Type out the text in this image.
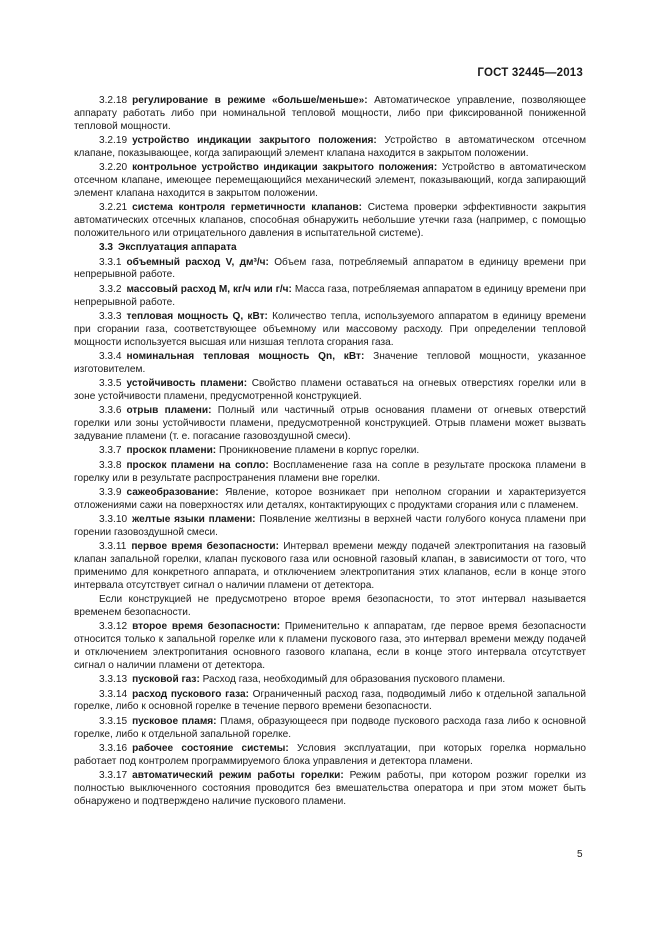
ГОСТ 32445—2013

3.2.18 регулирование в режиме «больше/меньше»: Автоматическое управление, позволяющее аппарату работать либо при номинальной тепловой мощности, либо при фиксированной пониженной тепловой мощности.

3.2.19 устройство индикации закрытого положения: Устройство в автоматическом отсечном клапане, показывающее, когда запирающий элемент клапана находится в закрытом положении.

3.2.20 контрольное устройство индикации закрытого положения: Устройство в автоматическом отсечном клапане, имеющее перемещающийся механический элемент, показывающий, когда запирающий элемент клапана находится в закрытом положении.

3.2.21 система контроля герметичности клапанов: Система проверки эффективности закрытия автоматических отсечных клапанов, способная обнаружить небольшие утечки газа (например, с помощью положительного или отрицательного давления в испытательной системе).

3.3 Эксплуатация аппарата

3.3.1 объемный расход V, дм³/ч: Объем газа, потребляемый аппаратом в единицу времени при непрерывной работе.

3.3.2 массовый расход M, кг/ч или г/ч: Масса газа, потребляемая аппаратом в единицу времени при непрерывной работе.

3.3.3 тепловая мощность Q, кВт: Количество тепла, используемого аппаратом в единицу времени при сгорании газа, соответствующее объемному или массовому расходу. При определении тепловой мощности используется высшая или низшая теплота сгорания газа.

3.3.4 номинальная тепловая мощность Qn, кВт: Значение тепловой мощности, указанное изготовителем.

3.3.5 устойчивость пламени: Свойство пламени оставаться на огневых отверстиях горелки или в зоне устойчивости пламени, предусмотренной конструкцией.

3.3.6 отрыв пламени: Полный или частичный отрыв основания пламени от огневых отверстий горелки или зоны устойчивости пламени, предусмотренной конструкцией. Отрыв пламени может вызвать задувание пламени (т. е. погасание газовоздушной смеси).

3.3.7 проскок пламени: Проникновение пламени в корпус горелки.

3.3.8 проскок пламени на сопло: Воспламенение газа на сопле в результате проскока пламени в горелку или в результате распространения пламени вне горелки.

3.3.9 сажеобразование: Явление, которое возникает при неполном сгорании и характеризуется отложениями сажи на поверхностях или деталях, контактирующих с продуктами сгорания или с пламенем.

3.3.10 желтые языки пламени: Появление желтизны в верхней части голубого конуса пламени при горении газовоздушной смеси.

3.3.11 первое время безопасности: Интервал времени между подачей электропитания на газовый клапан запальной горелки, клапан пускового газа или основной газовый клапан, в зависимости от того, что применимо для конкретного аппарата, и отключением электропитания этих клапанов, если в конце этого интервала отсутствует сигнал о наличии пламени от детектора.

Если конструкцией не предусмотрено второе время безопасности, то этот интервал называется временем безопасности.

3.3.12 второе время безопасности: Применительно к аппаратам, где первое время безопасности относится только к запальной горелке или к пламени пускового газа, это интервал времени между подачей и отключением электропитания основного газового клапана, если в конце этого интервала отсутствует сигнал о наличии пламени от детектора.

3.3.13 пусковой газ: Расход газа, необходимый для образования пускового пламени.

3.3.14 расход пускового газа: Ограниченный расход газа, подводимый либо к отдельной запальной горелке, либо к основной горелке в течение первого времени безопасности.

3.3.15 пусковое пламя: Пламя, образующееся при подводе пускового расхода газа либо к основной горелке, либо к отдельной запальной горелке.

3.3.16 рабочее состояние системы: Условия эксплуатации, при которых горелка нормально работает под контролем программируемого блока управления и детектора пламени.

3.3.17 автоматический режим работы горелки: Режим работы, при котором розжиг горелки из полностью выключенного состояния проводится без вмешательства оператора и при этом может быть обнаружено и подтверждено наличие пускового пламени.

5
